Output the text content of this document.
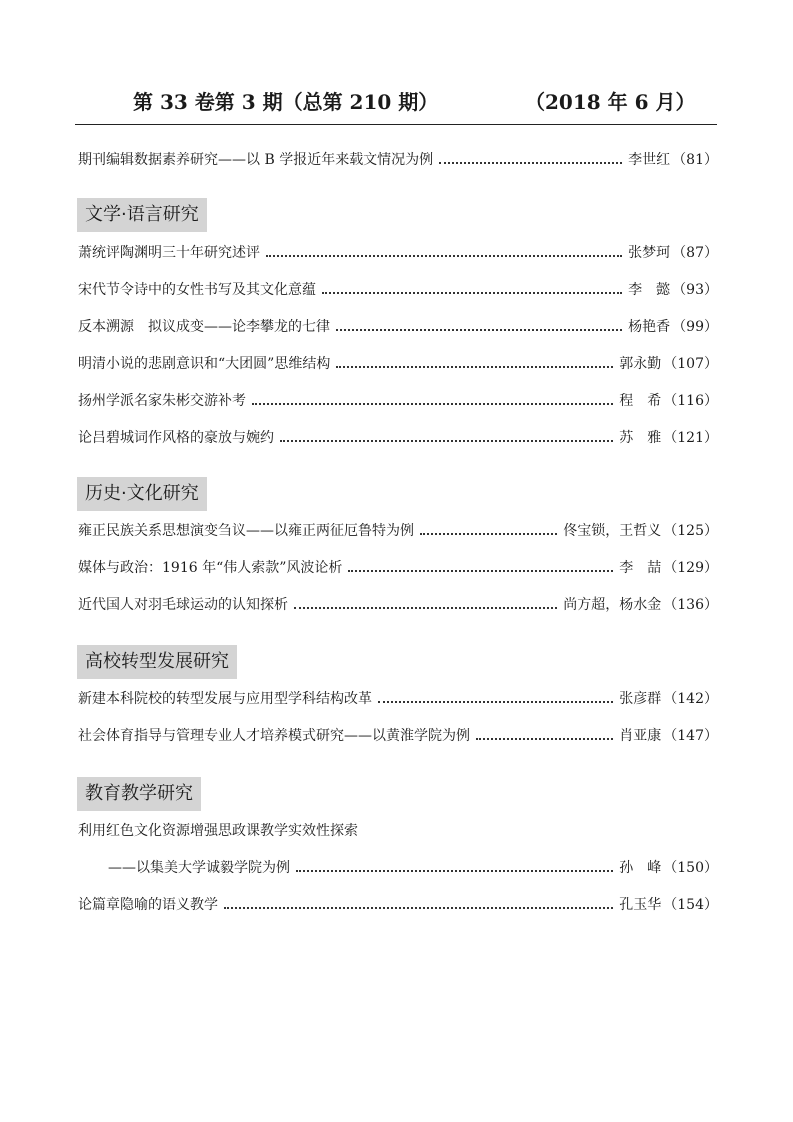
第 33 卷第 3 期（总第 210 期）	（2018 年 6 月）
期刊编辑数据素养研究——以 B 学报近年来载文情况为例	李世红 （81）
文学·语言研究
萧统评陶渊明三十年研究述评	张梦珂 （87）
宋代节令诗中的女性书写及其文化意蕴	李　懿 （93）
反本溯源　拟议成变——论李攀龙的七律	杨艳香 （99）
明清小说的悲剧意识和“大团圆”思维结构	郭永勤 （107）
扬州学派名家朱彬交游补考	程　希 （116）
论吕碧城词作风格的豪放与婉约	苏　雅 （121）
历史·文化研究
雍正民族关系思想演变刍议——以雍正两征厄鲁特为例	佟宝锁，王哲义 （125）
媒体与政治：1916 年“伟人索款”风波论析	李　喆 （129）
近代国人对羽毛球运动的认知探析	尚方超，杨水金 （136）
高校转型发展研究
新建本科院校的转型发展与应用型学科结构改革	张彦群 （142）
社会体育指导与管理专业人才培养模式研究——以黄淮学院为例	肖亚康 （147）
教育教学研究
利用红色文化资源增强思政课教学实效性探索
——以集美大学诚毅学院为例	孙　峰 （150）
论篇章隐喻的语义教学	孔玉华 （154）
